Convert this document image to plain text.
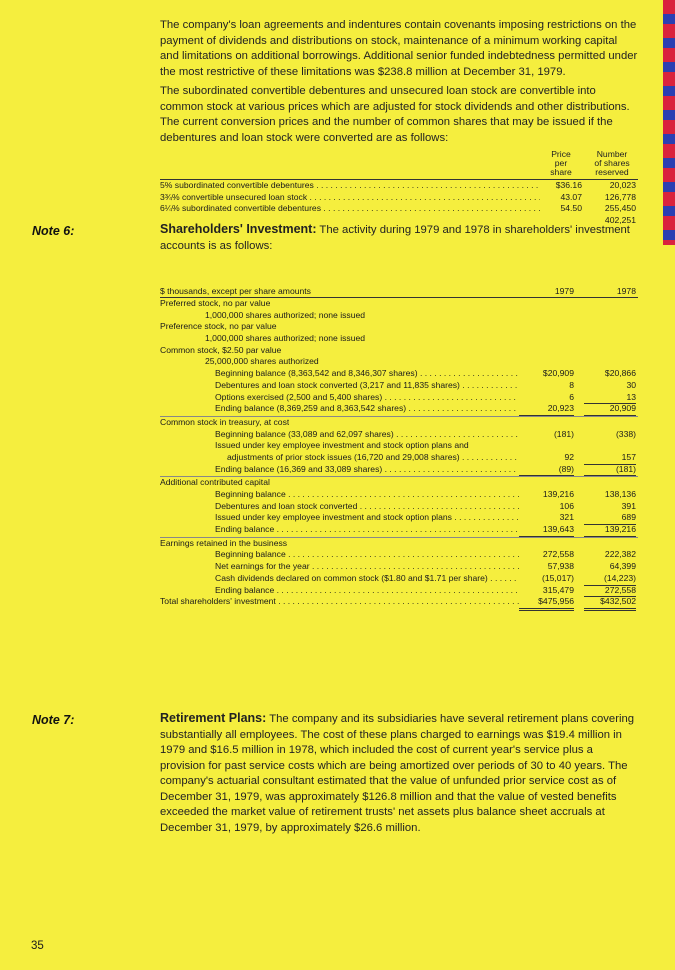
The company's loan agreements and indentures contain covenants imposing restrictions on the payment of dividends and distributions on stock, maintenance of a minimum working capital and limitations on additional borrowings. Additional senior funded indebtedness permitted under the most restrictive of these limitations was $238.8 million at December 31, 1979.

The subordinated convertible debentures and unsecured loan stock are convertible into common stock at various prices which are adjusted for stock dividends and other distributions. The current conversion prices and the number of common shares that may be issued if the debentures and loan stock were converted are as follows:

Price
per
share
Number
of shares
reserved
5% subordinated convertible debentures . . .	$36.16	20,023
3¾% convertible unsecured loan stock . . .	43.07	126,778
6¼% subordinated convertible debentures . . .	54.50	255,450
402,251
Note 6:	Shareholders' Investment: The activity during 1979 and 1978 in shareholders' investment accounts is as follows:

$ thousands, except per share amounts	1979	1978
Preferred stock, no par value
1,000,000 shares authorized; none issued
Preference stock, no par value
1,000,000 shares authorized; none issued
Common stock, $2.50 par value
25,000,000 shares authorized
Beginning balance (8,363,542 and 8,346,307 shares) . . .	$20,909	$20,866
Debentures and loan stock converted (3,217 and 11,835 shares) . . .	8	30
Options exercised (2,500 and 5,400 shares) . . .	6	13
Ending balance (8,369,259 and 8,363,542 shares) . . .	20,923	20,909
Common stock in treasury, at cost
Beginning balance (33,089 and 62,097 shares) . . .	(181)	(338)
Issued under key employee investment and stock option plans and
adjustments of prior stock issues (16,720 and 29,008 shares) . . .	92	157
Ending balance (16,369 and 33,089 shares) . . .	(89)	(181)
Additional contributed capital
Beginning balance . . .	139,216	138,136
Debentures and loan stock converted . . .	106	391
Issued under key employee investment and stock option plans . . .	321	689
Ending balance . . .	139,643	139,216
Earnings retained in the business
Beginning balance . . .	272,558	222,382
Net earnings for the year . . .	57,938	64,399
Cash dividends declared on common stock ($1.80 and $1.71 per share) . . .	(15,017)	(14,223)
Ending balance . . .	315,479	272,558
Total shareholders' investment . . .	$475,956	$432,502
Note 7:	Retirement Plans: The company and its subsidiaries have several retirement plans covering substantially all employees. The cost of these plans charged to earnings was $19.4 million in 1979 and $16.5 million in 1978, which included the cost of current year's service plus a provision for past service costs which are being amortized over periods of 30 to 40 years. The company's actuarial consultant estimated that the value of unfunded prior service cost as of December 31, 1979, was approximately $126.8 million and that the value of vested benefits exceeded the market value of retirement trusts' net assets plus balance sheet accruals at December 31, 1979, by approximately $26.6 million.

35
